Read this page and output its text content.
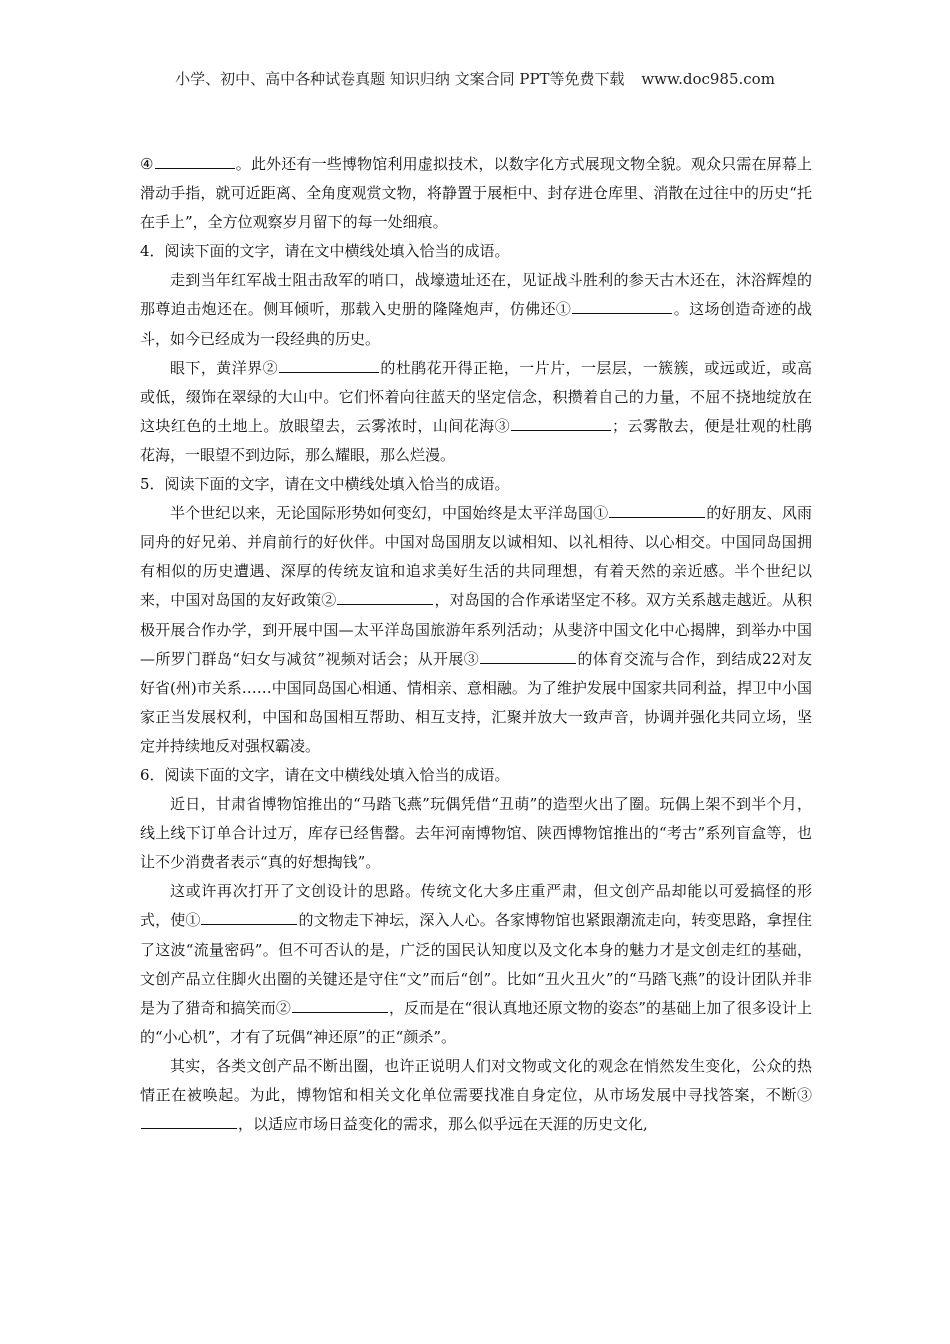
小学、初中、高中各种试卷真题 知识归纳 文案合同 PPT等免费下载 www.doc985.com

④	。此外还有一些博物馆利用虚拟技术，以数字化方式展现文物全貌。观众只需在屏幕上滑动手指，就可近距离、全角度观赏文物，将静置于展柜中、封存进仓库里、消散在过往中的历史“托在手上”，全方位观察岁月留下的每一处细痕。

4．阅读下面的文字，请在文中横线处填入恰当的成语。

走到当年红军战士阻击敌军的哨口，战壕遗址还在，见证战斗胜利的参天古木还在，沐浴辉煌的那尊迫击炮还在。侧耳倾听，那载入史册的隆隆炮声，仿佛还①	。这场创造奇迹的战斗，如今已经成为一段经典的历史。

眼下，黄洋界②	的杜鹃花开得正艳，一片片，一层层，一簇簇，或远或近，或高或低，缀饰在翠绿的大山中。它们怀着向往蓝天的坚定信念，积攒着自己的力量，不屈不挠地绽放在这块红色的土地上。放眼望去，云雾浓时，山间花海③	；云雾散去，便是壮观的杜鹃花海，一眼望不到边际，那么耀眼，那么烂漫。

5．阅读下面的文字，请在文中横线处填入恰当的成语。

半个世纪以来，无论国际形势如何变幻，中国始终是太平洋岛国①	的好朋友、风雨同舟的好兄弟、并肩前行的好伙伴。中国对岛国朋友以诚相知、以礼相待、以心相交。中国同岛国拥有相似的历史遭遇、深厚的传统友谊和追求美好生活的共同理想，有着天然的亲近感。半个世纪以来，中国对岛国的友好政策②	，对岛国的合作承诺坚定不移。双方关系越走越近。从积极开展合作办学，到开展中国—太平洋岛国旅游年系列活动；从斐济中国文化中心揭牌，到举办中国—所罗门群岛“妇女与减贫”视频对话会；从开展③	的体育交流与合作，到结成22对友好省(州)市关系……中国同岛国心相通、情相亲、意相融。为了维护发展中国家共同利益，捍卫中小国家正当发展权利，中国和岛国相互帮助、相互支持，汇聚并放大一致声音，协调并强化共同立场，坚定并持续地反对强权霸凌。

6．阅读下面的文字，请在文中横线处填入恰当的成语。

近日，甘肃省博物馆推出的“马踏飞燕”玩偶凭借“丑萌”的造型火出了圈。玩偶上架不到半个月，线上线下订单合计过万，库存已经售罄。去年河南博物馆、陕西博物馆推出的“考古”系列盲盒等，也让不少消费者表示“真的好想掏钱”。

这或许再次打开了文创设计的思路。传统文化大多庄重严肃，但文创产品却能以可爱搞怪的形式，使①	的文物走下神坛，深入人心。各家博物馆也紧跟潮流走向，转变思路，拿捏住了这波“流量密码”。但不可否认的是，广泛的国民认知度以及文化本身的魅力才是文创走红的基础，文创产品立住脚火出圈的关键还是守住“文”而后“创”。比如“丑火丑火”的“马踏飞燕”的设计团队并非是为了猎奇和搞笑而②	，反而是在“很认真地还原文物的姿态”的基础上加了很多设计上的“小心机”，才有了玩偶“神还原”的正“颜杀”。

其实，各类文创产品不断出圈，也许正说明人们对文物或文化的观念在悄然发生变化，公众的热情正在被唤起。为此，博物馆和相关文化单位需要找准自身定位，从市场发展中寻找答案，不断③，以适应市场日益变化的需求，那么似乎远在天涯的历史文化,
